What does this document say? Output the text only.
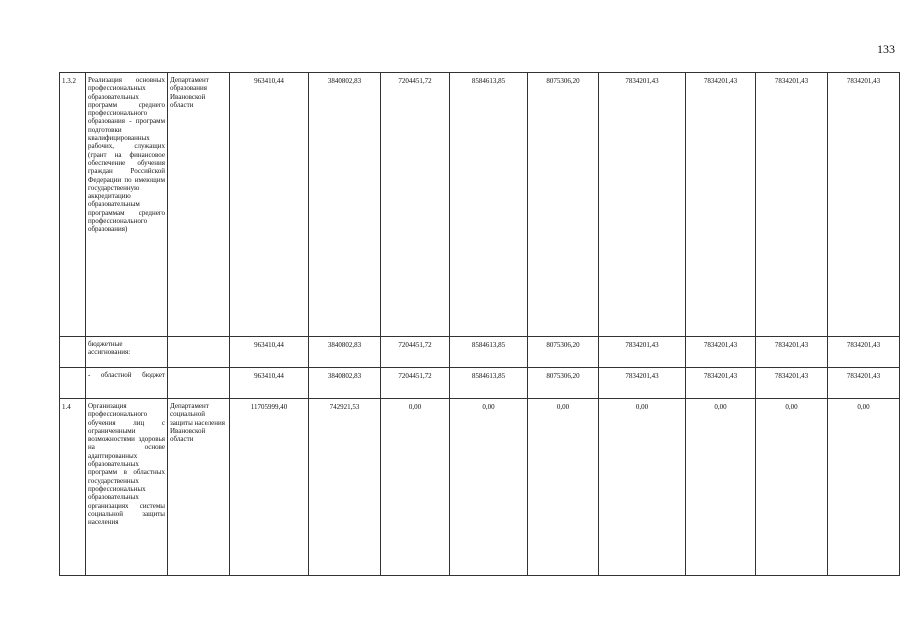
133
1.3.2	Реализация основных профессиональных образовательных программ среднего профессионального образования - программ подготовки квалифицированных рабочих, служащих (грант на финансовое обеспечение обучения граждан Российской Федерации по имеющим государственную аккредитацию образовательным программам среднего профессионального образования)	Департамент образования Ивановской области	963410,44	3840802,83	7204451,72	8584613,85	8075306,20	7834201,43	7834201,43	7834201,43	7834201,43
	бюджетные ассигнования:		963410,44	3840802,83	7204451,72	8584613,85	8075306,20	7834201,43	7834201,43	7834201,43	7834201,43
	- областной бюджет		963410,44	3840802,83	7204451,72	8584613,85	8075306,20	7834201,43	7834201,43	7834201,43	7834201,43
1.4	Организация профессионального обучения лиц с ограниченными возможностями здоровья на основе адаптированных образовательных программ в областных государственных профессиональных образовательных организациях системы социальной защиты населения	Департамент социальной защиты населения Ивановской области	11705999,40	742921,53	0,00	0,00	0,00	0,00	0,00	0,00	0,00
